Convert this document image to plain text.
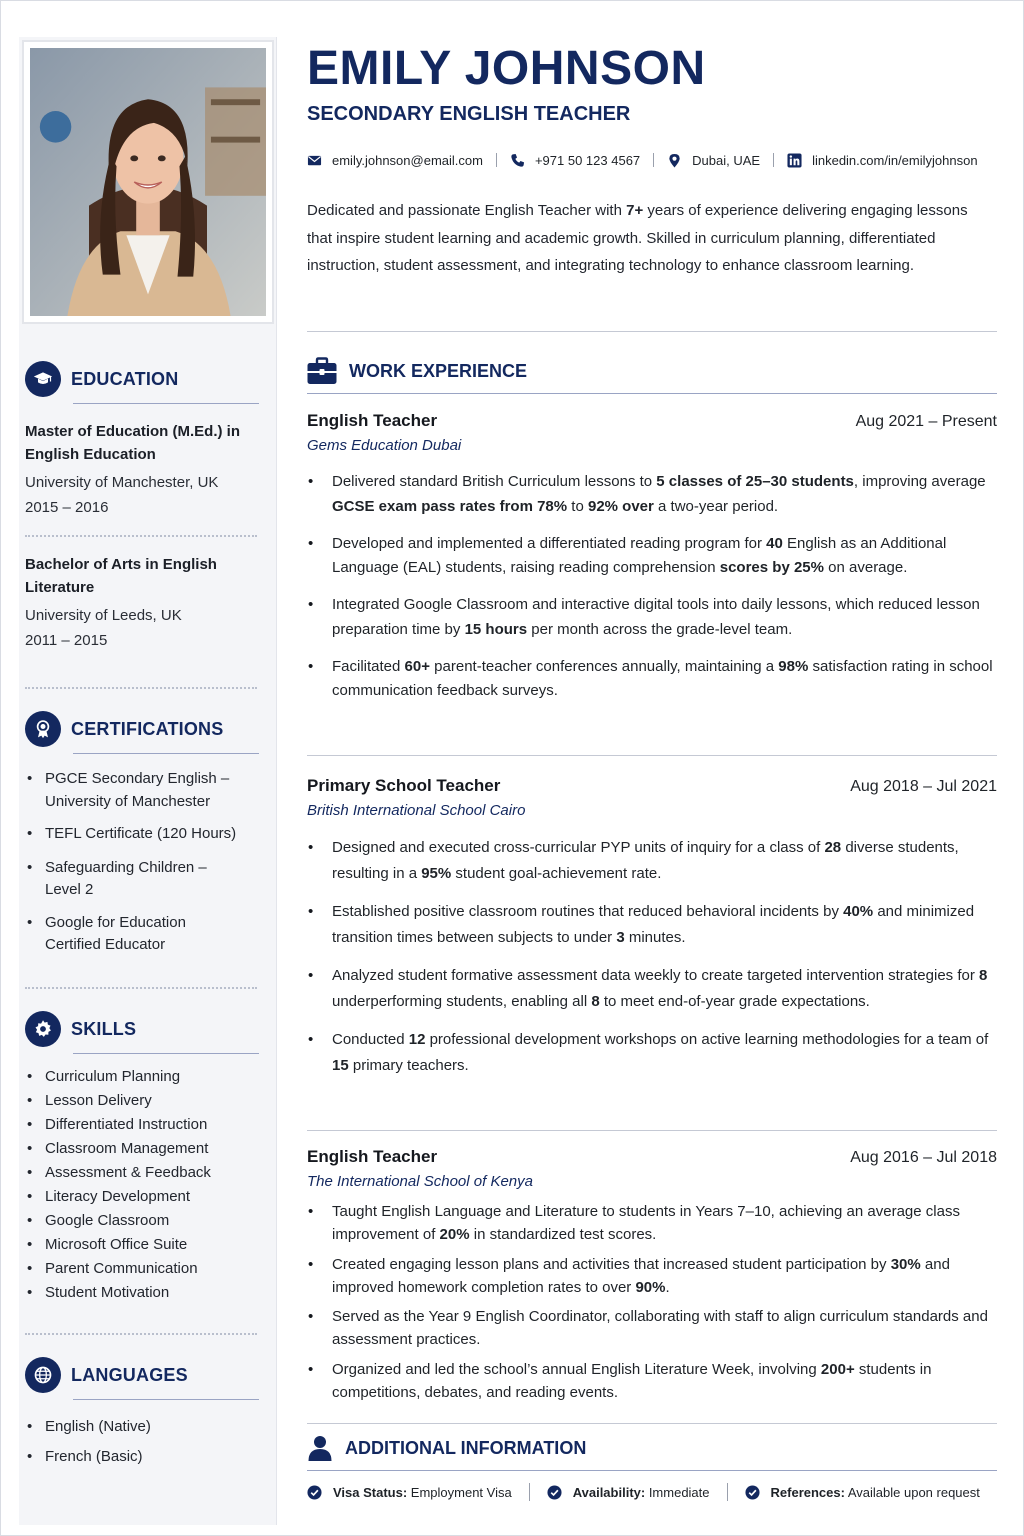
EDUCATION
Master of Education (M.Ed.) in English Education
University of Manchester, UK
2015 – 2016
Bachelor of Arts in English Literature
University of Leeds, UK
2011 – 2015
CERTIFICATIONS
• PGCE Secondary English – University of Manchester
• TEFL Certificate (120 Hours)
• Safeguarding Children – Level 2
• Google for Education Certified Educator
SKILLS
• Curriculum Planning
• Lesson Delivery
• Differentiated Instruction
• Classroom Management
• Assessment & Feedback
• Literacy Development
• Google Classroom
• Microsoft Office Suite
• Parent Communication
• Student Motivation
LANGUAGES
• English (Native)
• French (Basic)
EMILY JOHNSON
SECONDARY ENGLISH TEACHER
emily.johnson@email.com	+971 50 123 4567	Dubai, UAE	linkedin.com/in/emilyjohnson

Dedicated and passionate English Teacher with 7+ years of experience delivering engaging lessons that inspire student learning and academic growth. Skilled in curriculum planning, differentiated instruction, student assessment, and integrating technology to enhance classroom learning.

WORK EXPERIENCE
English Teacher	Aug 2021 – Present
Gems Education Dubai
• Delivered standard British Curriculum lessons to 5 classes of 25–30 students, improving average GCSE exam pass rates from 78% to 92% over a two-year period.
• Developed and implemented a differentiated reading program for 40 English as an Additional Language (EAL) students, raising reading comprehension scores by 25% on average.
• Integrated Google Classroom and interactive digital tools into daily lessons, which reduced lesson preparation time by 15 hours per month across the grade-level team.
• Facilitated 60+ parent-teacher conferences annually, maintaining a 98% satisfaction rating in school communication feedback surveys.
Primary School Teacher	Aug 2018 – Jul 2021
British International School Cairo
• Designed and executed cross-curricular PYP units of inquiry for a class of 28 diverse students, resulting in a 95% student goal-achievement rate.
• Established positive classroom routines that reduced behavioral incidents by 40% and minimized transition times between subjects to under 3 minutes.
• Analyzed student formative assessment data weekly to create targeted intervention strategies for 8 underperforming students, enabling all 8 to meet end-of-year grade expectations.
• Conducted 12 professional development workshops on active learning methodologies for a team of 15 primary teachers.
English Teacher	Aug 2016 – Jul 2018
The International School of Kenya
• Taught English Language and Literature to students in Years 7–10, achieving an average class improvement of 20% in standardized test scores.
• Created engaging lesson plans and activities that increased student participation by 30% and improved homework completion rates to over 90%.
• Served as the Year 9 English Coordinator, collaborating with staff to align curriculum standards and assessment practices.
• Organized and led the school’s annual English Literature Week, involving 200+ students in competitions, debates, and reading events.
ADDITIONAL INFORMATION
Visa Status: Employment Visa	Availability: Immediate	References: Available upon request
